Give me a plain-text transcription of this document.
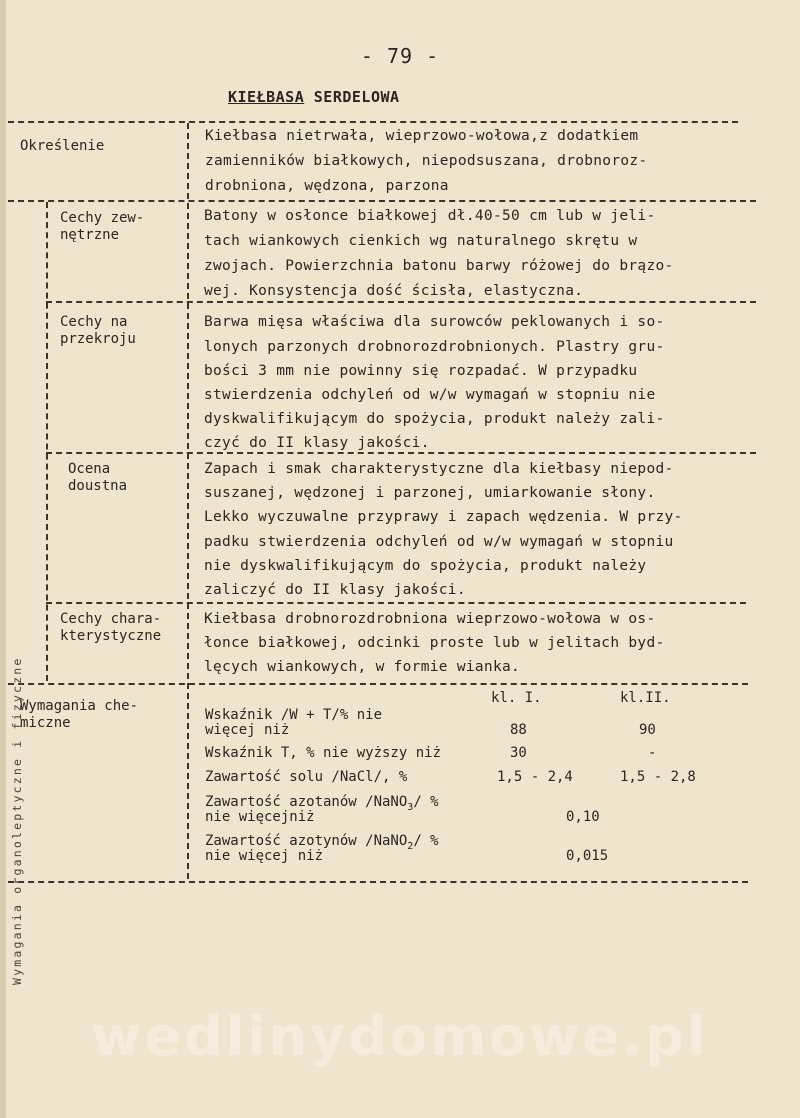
- 79 -
KIEŁBASA SERDELOWA
Określenie
Kiełbasa nietrwała, wieprzowo-wołowa,z dodatkiem
zamienników białkowych, niepodsuszana, drobnoroz-
drobniona, wędzona, parzona
Wymagania organoleptyczne i fizyczne
Cechy zew-
nętrzne
Batony w osłonce białkowej dł.40-50 cm lub w jeli-
tach wiankowych cienkich wg naturalnego skrętu w
zwojach. Powierzchnia batonu barwy różowej do brązo-
wej. Konsystencja dość ścisła, elastyczna.
Cechy na
przekroju
Barwa mięsa właściwa dla surowców peklowanych i so-
lonych parzonych drobnorozdrobnionych. Plastry gru-
bości 3 mm nie powinny się rozpadać. W przypadku
stwierdzenia odchyleń od w/w wymagań w stopniu nie
dyskwalifikującym do spożycia, produkt należy zali-
czyć do II klasy jakości.
Ocena
doustna
Zapach i smak charakterystyczne dla kiełbasy niepod-
suszanej, wędzonej i parzonej, umiarkowanie słony.
Lekko wyczuwalne przyprawy i zapach wędzenia. W przy-
padku stwierdzenia odchyleń od w/w wymagań w stopniu
nie dyskwalifikującym do spożycia, produkt należy
zaliczyć do II klasy jakości.
Cechy chara-
kterystyczne
Kiełbasa drobnorozdrobniona wieprzowo-wołowa w os-
łonce białkowej, odcinki proste lub w jelitach byd-
lęcych wiankowych, w formie wianka.
Wymagania che-
miczne
kl. I.	kl.II.
Wskaźnik /W + T/% nie
więcej niż	88	90
Wskaźnik T, % nie wyższy niż	30	-
Zawartość solu /NaCl/, %	1,5 - 2,4	1,5 - 2,8
Zawartość azotanów /NaNO$_3$/ %
nie więcejniż	0,10
Zawartość azotynów /NaNO$_2$/ %
nie więcej niż	0,015
wedlinydomowe.pl
